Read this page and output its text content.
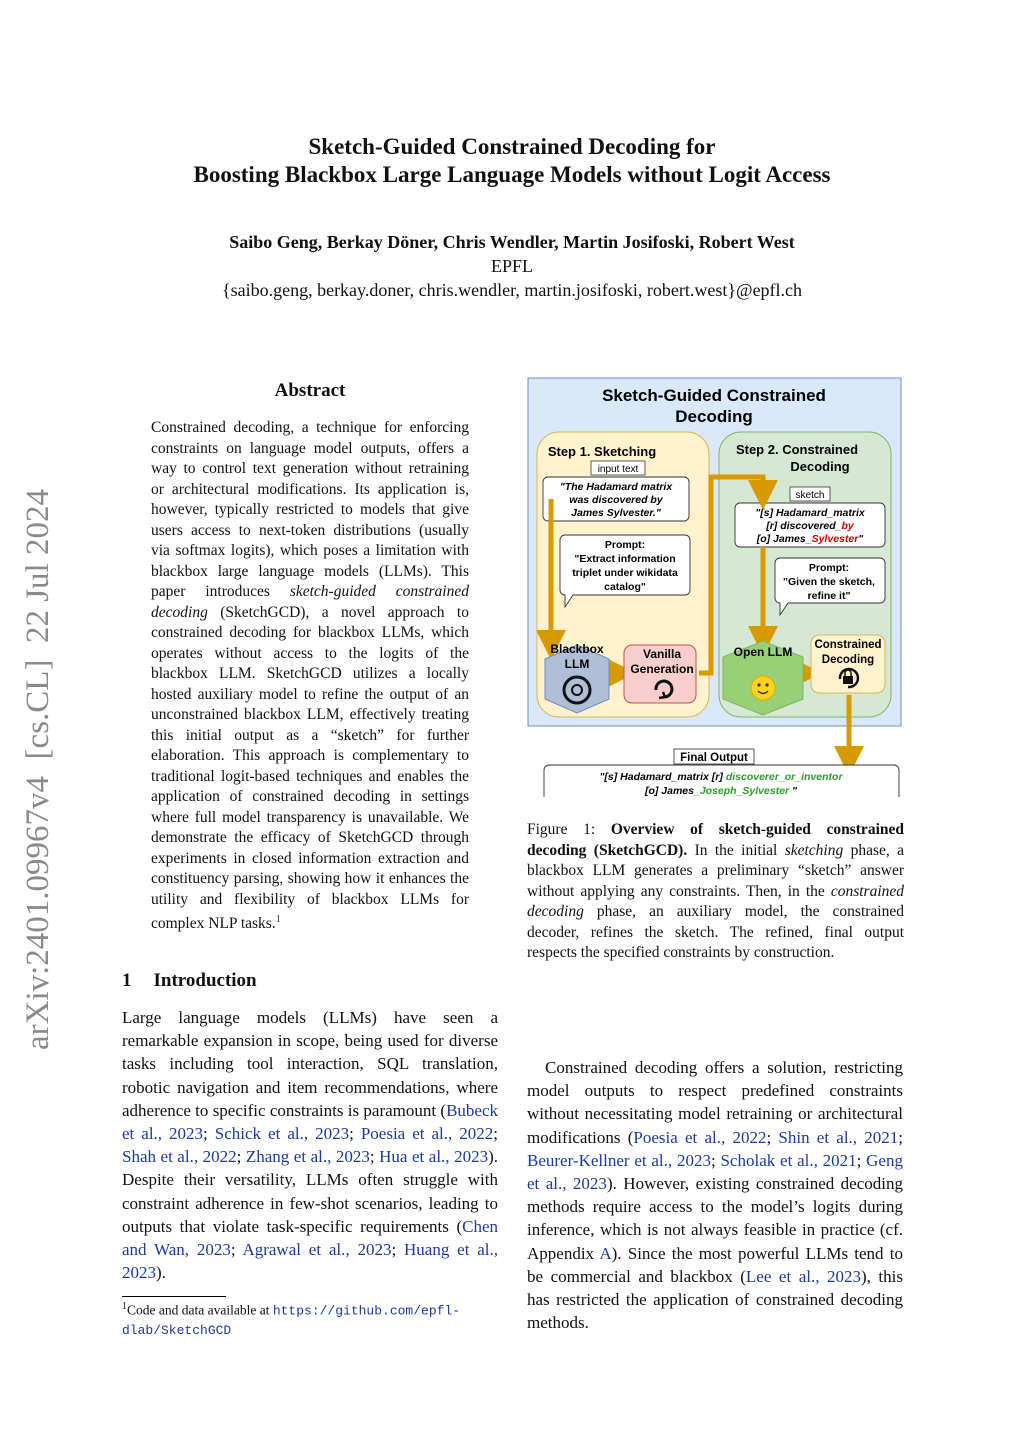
Sketch-Guided Constrained Decoding for
Boosting Blackbox Large Language Models without Logit Access
Saibo Geng, Berkay Döner, Chris Wendler, Martin Josifoski, Robert West
EPFL
{saibo.geng, berkay.doner, chris.wendler, martin.josifoski, robert.west}@epfl.ch
arXiv:2401.09967v4  [cs.CL]  22 Jul 2024
Abstract
Constrained decoding, a technique for enforcing constraints on language model outputs, offers a way to control text generation without retraining or architectural modifications. Its application is, however, typically restricted to models that give users access to next-token distributions (usually via softmax logits), which poses a limitation with blackbox large language models (LLMs). This paper introduces sketch-guided constrained decoding (SketchGCD), a novel approach to constrained decoding for blackbox LLMs, which operates without access to the logits of the blackbox LLM. SketchGCD utilizes a locally hosted auxiliary model to refine the output of an unconstrained blackbox LLM, effectively treating this initial output as a “sketch” for further elaboration. This approach is complementary to traditional logit-based techniques and enables the application of constrained decoding in settings where full model transparency is unavailable. We demonstrate the efficacy of SketchGCD through experiments in closed information extraction and constituency parsing, showing how it enhances the utility and flexibility of blackbox LLMs for complex NLP tasks.$^1$
1 Introduction
Large language models (LLMs) have seen a remarkable expansion in scope, being used for diverse tasks including tool interaction, SQL translation, robotic navigation and item recommendations, where adherence to specific constraints is paramount (Bubeck et al., 2023; Schick et al., 2023; Poesia et al., 2022; Shah et al., 2022; Zhang et al., 2023; Hua et al., 2023). Despite their versatility, LLMs often struggle with constraint adherence in few-shot scenarios, leading to outputs that violate task-specific requirements (Chen and Wan, 2023; Agrawal et al., 2023; Huang et al., 2023).
$^1$Code and data available at https://github.com/epfl-dlab/SketchGCD
Sketch-Guided Constrained
Decoding
Step 1. Sketching
input text
"The Hadamard matrix
was discovered by
James Sylvester."
Prompt:
"Extract information
triplet under wikidata
catalog"
Step 2. Constrained
Decoding
sketch
"[s] Hadamard_matrix
[r] discovered_by
[o] James_Sylvester"
Prompt:
"Given the sketch,
refine it"
Blackbox
LLM
Vanilla
Generation
Open LLM Constrained
Decoding
Final Output
"[s] Hadamard_matrix [r] discoverer_or_inventor
[o] James_Joseph_Sylvester "
Figure 1: Overview of sketch-guided constrained decoding (SketchGCD). In the initial sketching phase, a blackbox LLM generates a preliminary “sketch” answer without applying any constraints. Then, in the constrained decoding phase, an auxiliary model, the constrained decoder, refines the sketch. The refined, final output respects the specified constraints by construction.
Constrained decoding offers a solution, restricting model outputs to respect predefined constraints without necessitating model retraining or architectural modifications (Poesia et al., 2022; Shin et al., 2021; Beurer-Kellner et al., 2023; Scholak et al., 2021; Geng et al., 2023). However, existing constrained decoding methods require access to the model’s logits during inference, which is not always feasible in practice (cf. Appendix A). Since the most powerful LLMs tend to be commercial and blackbox (Lee et al., 2023), this has restricted the application of constrained decoding methods.
